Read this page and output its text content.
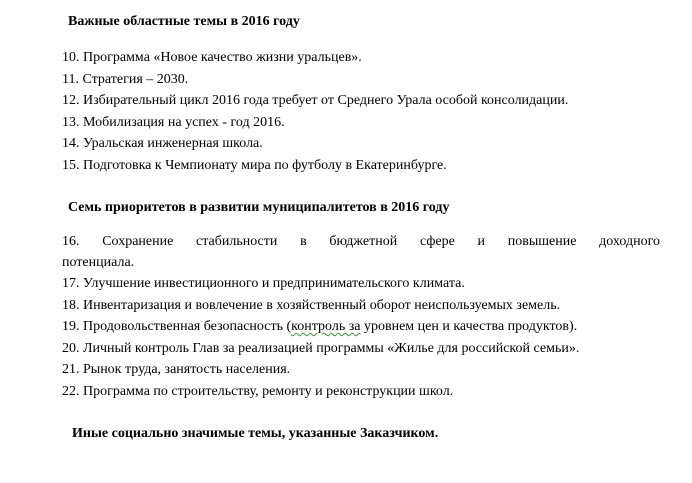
Важные областные темы в 2016 году
10. Программа «Новое качество жизни уральцев».
11. Стратегия – 2030.
12. Избирательный цикл 2016 года требует от Среднего Урала особой консолидации.
13. Мобилизация на успех - год 2016.
14. Уральская инженерная школа.
15. Подготовка к Чемпионату мира по футболу в Екатеринбурге.
Семь приоритетов в развитии муниципалитетов в 2016 году
16. Сохранение стабильности в бюджетной сфере и повышение доходного
потенциала.
17. Улучшение инвестиционного и предпринимательского климата.
18. Инвентаризация и вовлечение в хозяйственный оборот неиспользуемых земель.
19. Продовольственная безопасность (контроль за уровнем цен и качества продуктов).
20. Личный контроль Глав за реализацией программы «Жилье для российской семьи».
21. Рынок труда, занятость населения.
22. Программа по строительству, ремонту и реконструкции школ.
Иные социально значимые темы, указанные Заказчиком.
